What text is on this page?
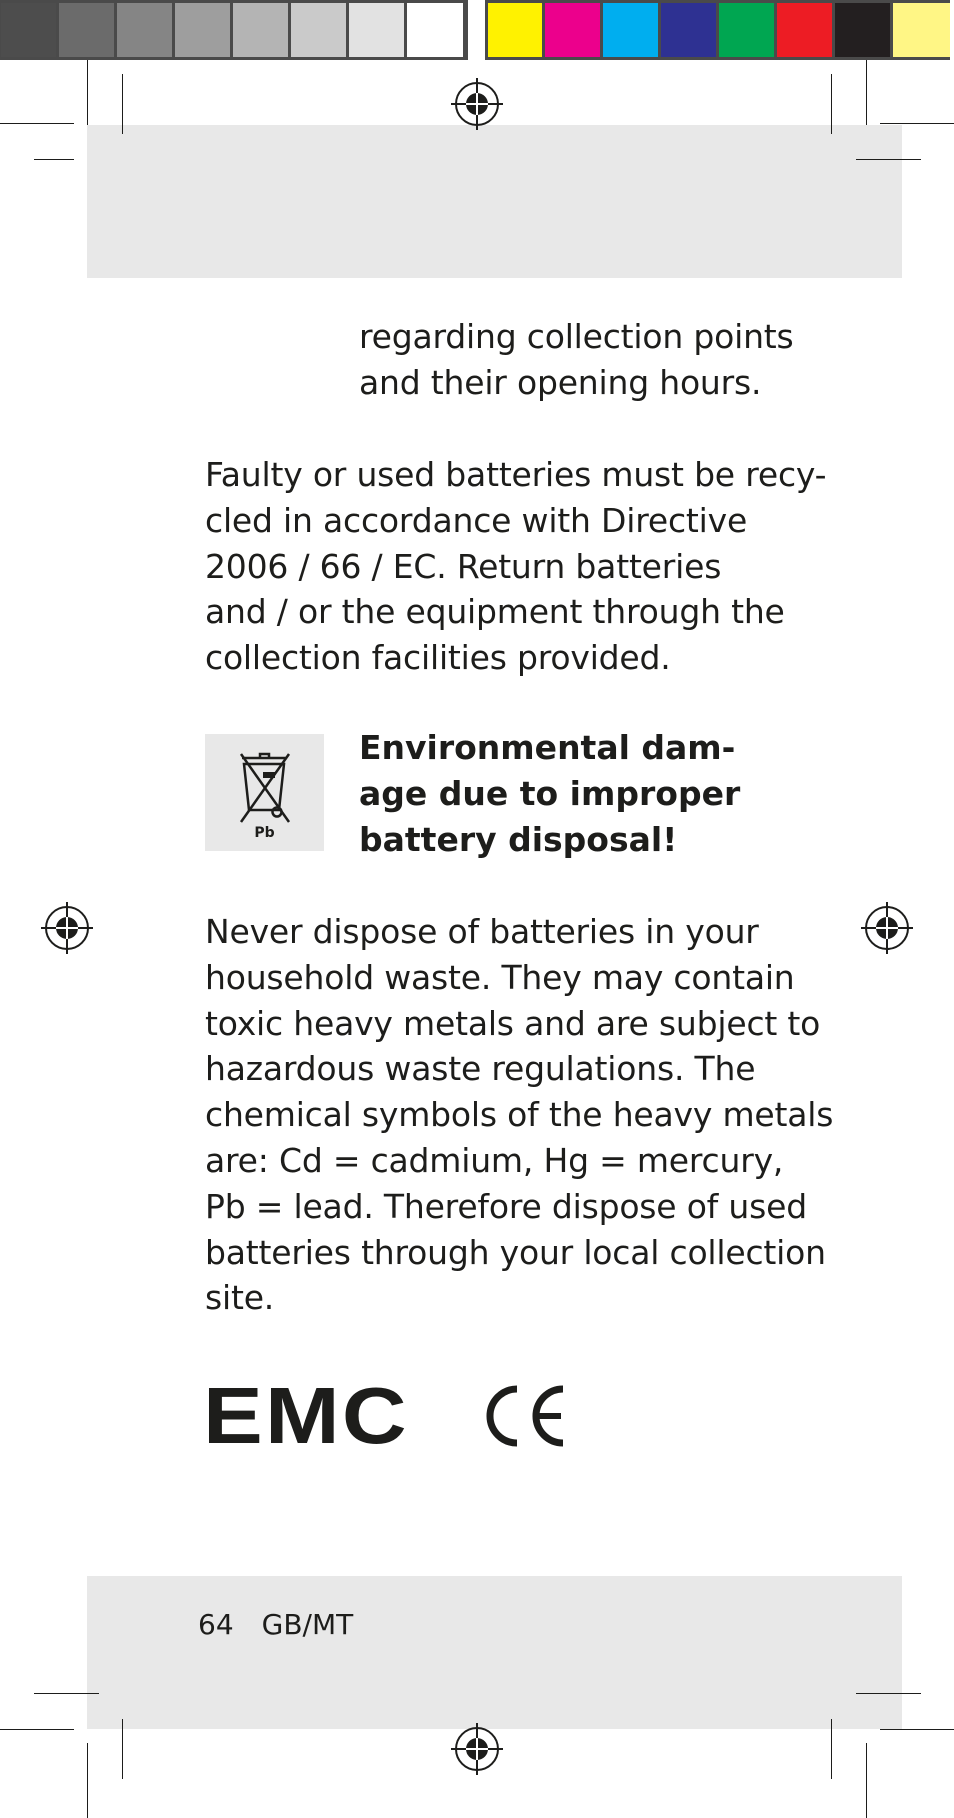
regarding collection points
and their opening hours.
Faulty or used batteries must be recy-
cled in accordance with Directive
2006 / 66 / EC. Return batteries
and / or the equipment through the
collection facilities provided.
Pb
Environmental dam-
age due to improper
battery disposal!
Never dispose of batteries in your
household waste. They may contain
toxic heavy metals and are subject to
hazardous waste regulations. The
chemical symbols of the heavy metals
are: Cd = cadmium, Hg = mercury,
Pb = lead. Therefore dispose of used
batteries through your local collection
site.
EMC
64 GB/MT
